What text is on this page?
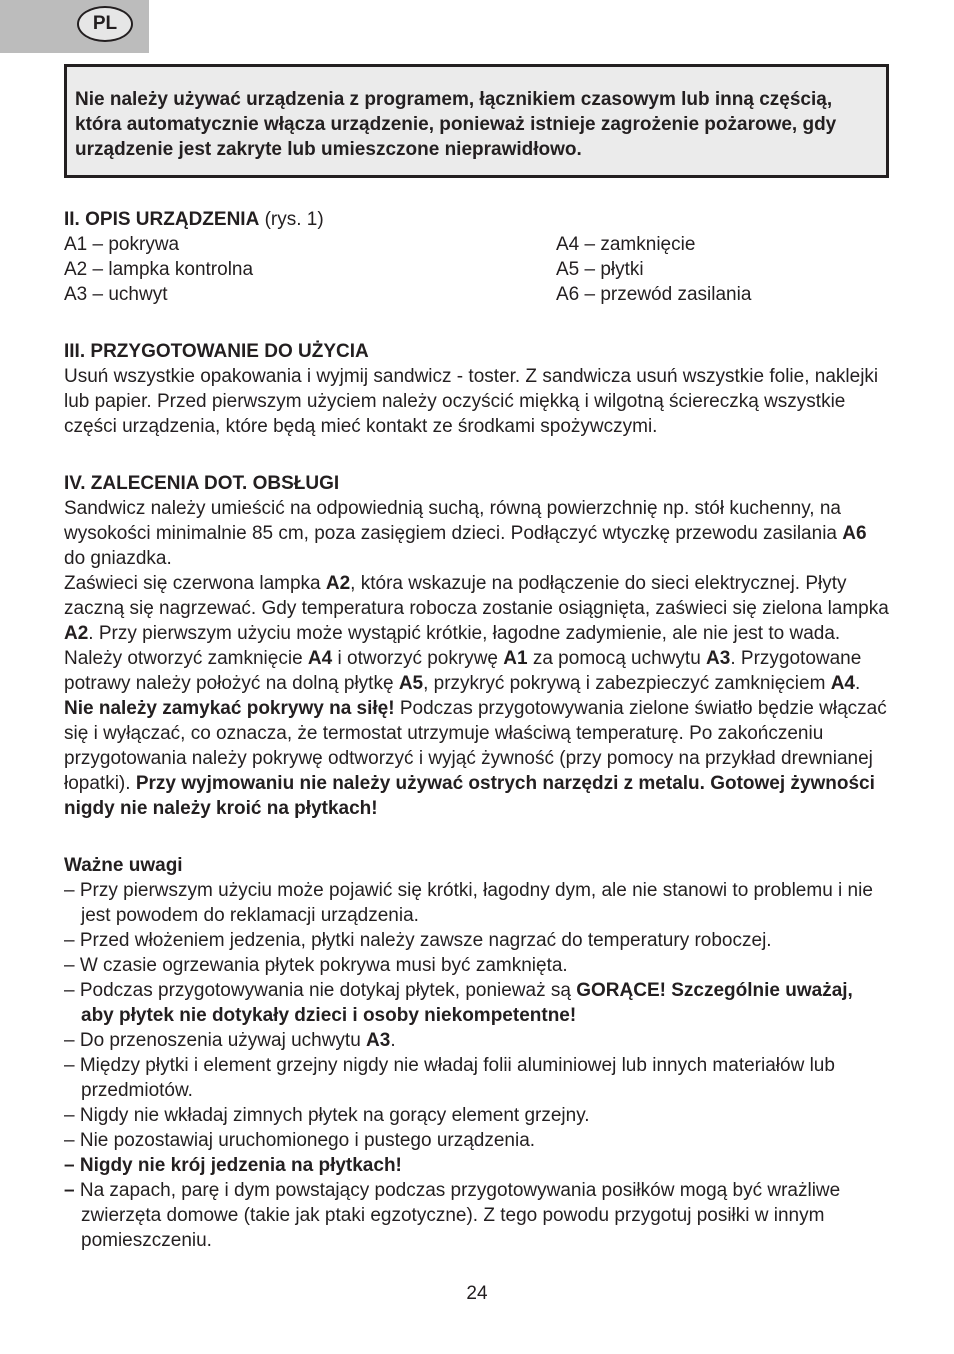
PL
Nie należy używać urządzenia z programem, łącznikiem czasowym lub inną częścią, która automatycznie włącza urządzenie, ponieważ istnieje zagrożenie pożarowe, gdy urządzenie jest zakryte lub umieszczone nieprawidłowo.

II. OPIS URZĄDZENIA (rys. 1)

A1 – pokrywa
A2 – lampka kontrolna
A3 – uchwyt
A4 – zamknięcie
A5 – płytki
A6 – przewód zasilania

III. PRZYGOTOWANIE DO UŻYCIA

Usuń wszystkie opakowania i wyjmij sandwicz - toster. Z sandwicza usuń wszystkie folie, naklejki lub papier. Przed pierwszym użyciem należy oczyścić miękką i wilgotną ściereczką wszystkie części urządzenia, które będą mieć kontakt ze środkami spożywczymi.

IV. ZALECENIA DOT. OBSŁUGI

Sandwicz należy umieścić na odpowiednią suchą, równą powierzchnię np. stół kuchenny, na wysokości minimalnie 85 cm, poza zasięgiem dzieci. Podłączyć wtyczkę przewodu zasilania A6 do gniazdka.

Zaświeci się czerwona lampka A2, która wskazuje na podłączenie do sieci elektrycznej. Płyty zaczną się nagrzewać. Gdy temperatura robocza zostanie osiągnięta, zaświeci się zielona lampka A2. Przy pierwszym użyciu może wystąpić krótkie, łagodne zadymienie, ale nie jest to wada. Należy otworzyć zamknięcie A4 i otworzyć pokrywę A1 za pomocą uchwytu A3. Przygotowane potrawy należy położyć na dolną płytkę A5, przykryć pokrywą i zabezpieczyć zamknięciem A4. Nie należy zamykać pokrywy na siłę! Podczas przygotowywania zielone światło będzie włączać się i wyłączać, co oznacza, że termostat utrzymuje właściwą temperaturę. Po zakończeniu przygotowania należy pokrywę odtworzyć i wyjąć żywność (przy pomocy na przykład drewnianej łopatki). Przy wyjmowaniu nie należy używać ostrych narzędzi z metalu. Gotowej żywności nigdy nie należy kroić na płytkach!

Ważne uwagi

– Przy pierwszym użyciu może pojawić się krótki, łagodny dym, ale nie stanowi to problemu i nie jest powodem do reklamacji urządzenia.
– Przed włożeniem jedzenia, płytki należy zawsze nagrzać do temperatury roboczej.
– W czasie ogrzewania płytek pokrywa musi być zamknięta.
– Podczas przygotowywania nie dotykaj płytek, ponieważ są GORĄCE! Szczególnie uważaj, aby płytek nie dotykały dzieci i osoby niekompetentne!
– Do przenoszenia używaj uchwytu A3.
– Między płytki i element grzejny nigdy nie władaj folii aluminiowej lub innych materiałów lub przedmiotów.
– Nigdy nie wkładaj zimnych płytek na gorący element grzejny.
– Nie pozostawiaj uruchomionego i pustego urządzenia.
– Nigdy nie krój jedzenia na płytkach!
– Na zapach, parę i dym powstający podczas przygotowywania posiłków mogą być wrażliwe zwierzęta domowe (takie jak ptaki egzotyczne). Z tego powodu przygotuj posiłki w innym pomieszczeniu.
24
